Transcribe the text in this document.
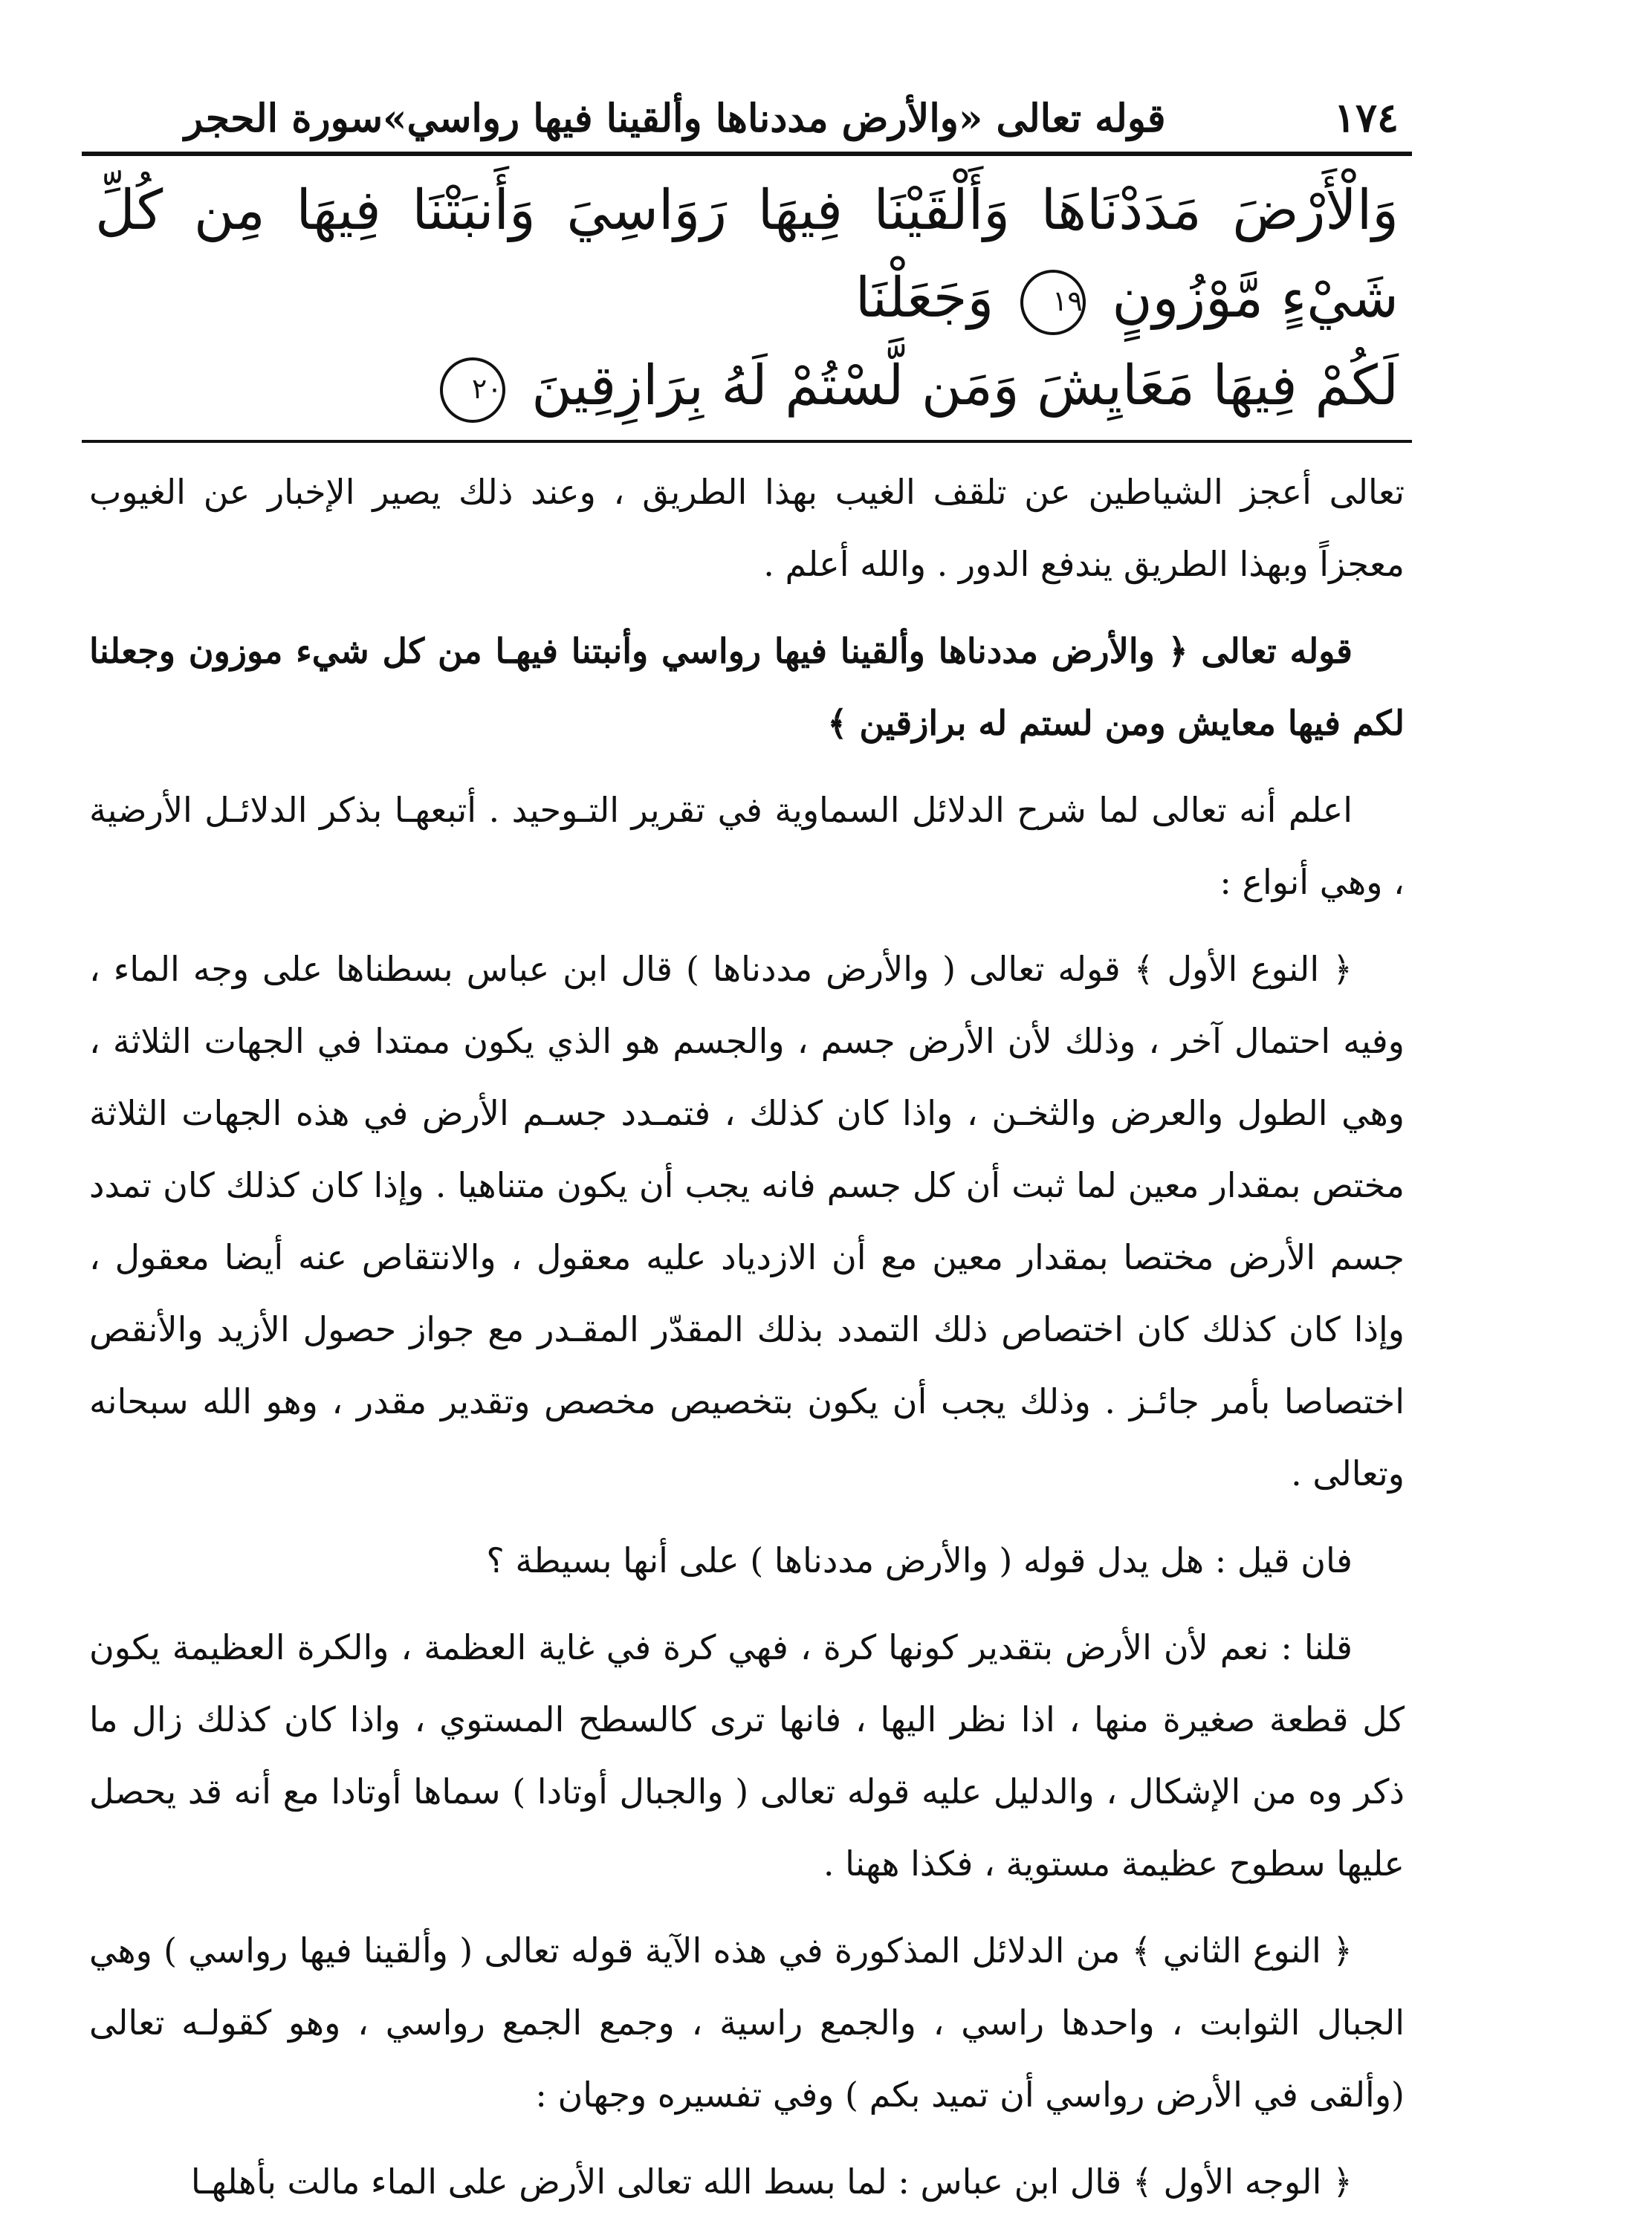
١٧٤
قوله تعالى «والأرض مددناها وألقينا فيها رواسي»سورة الحجر
وَالْأَرْضَ مَدَدْنَاهَا وَأَلْقَيْنَا فِيهَا رَوَاسِيَ وَأَنبَتْنَا فِيهَا مِن كُلِّ شَيْءٍ مَّوْزُونٍ ١٩ وَجَعَلْنَا
لَكُمْ فِيهَا مَعَايِشَ وَمَن لَّسْتُمْ لَهُ بِرَازِقِينَ ٢٠

تعالى أعجز الشياطين عن تلقف الغيب بهذا الطريق ، وعند ذلك يصير الإخبار عن الغيوب معجزاً وبهذا الطريق يندفع الدور . والله أعلم .

قوله تعالى ﴿ والأرض مددناها وألقينا فيها رواسي وأنبتنا فيهـا من كل شيء موزون وجعلنا لكم فيها معايش ومن لستم له برازقين ﴾

اعلم أنه تعالى لما شرح الدلائل السماوية في تقرير التـوحيد . أتبعهـا بذكر الدلائـل الأرضية ، وهي أنواع :

﴿ النوع الأول ﴾ قوله تعالى ( والأرض مددناها ) قال ابن عباس بسطناها على وجه الماء ، وفيه احتمال آخر ، وذلك لأن الأرض جسم ، والجسم هو الذي يكون ممتدا في الجهات الثلاثة ، وهي الطول والعرض والثخـن ، واذا كان كذلك ، فتمـدد جسـم الأرض في هذه الجهات الثلاثة مختص بمقدار معين لما ثبت أن كل جسم فانه يجب أن يكون متناهيا . وإذا كان كذلك كان تمدد جسم الأرض مختصا بمقدار معين مع أن الازدياد عليه معقول ، والانتقاص عنه أيضا معقول ، وإذا كان كذلك كان اختصاص ذلك التمدد بذلك المقدّر المقـدر مع جواز حصول الأزيد والأنقص اختصاصا بأمر جائـز . وذلك يجب أن يكون بتخصيص مخصص وتقدير مقدر ، وهو الله سبحانه وتعالى .

فان قيل : هل يدل قوله ( والأرض مددناها ) على أنها بسيطة ؟

قلنا : نعم لأن الأرض بتقدير كونها كرة ، فهي كرة في غاية العظمة ، والكرة العظيمة يكون كل قطعة صغيرة منها ، اذا نظر اليها ، فانها ترى كالسطح المستوي ، واذا كان كذلك زال ما ذكر وه من الإشكال ، والدليل عليه قوله تعالى ( والجبال أوتادا ) سماها أوتادا مع أنه قد يحصل عليها سطوح عظيمة مستوية ، فكذا ههنا .

﴿ النوع الثاني ﴾ من الدلائل المذكورة في هذه الآية قوله تعالى ( وألقينا فيها رواسي ) وهي الجبال الثوابت ، واحدها راسي ، والجمع راسية ، وجمع الجمع رواسي ، وهو كقولـه تعالى (وألقى في الأرض رواسي أن تميد بكم ) وفي تفسيره وجهان :

﴿ الوجه الأول ﴾ قال ابن عباس : لما بسط الله تعالى الأرض على الماء مالت بأهلهـا
